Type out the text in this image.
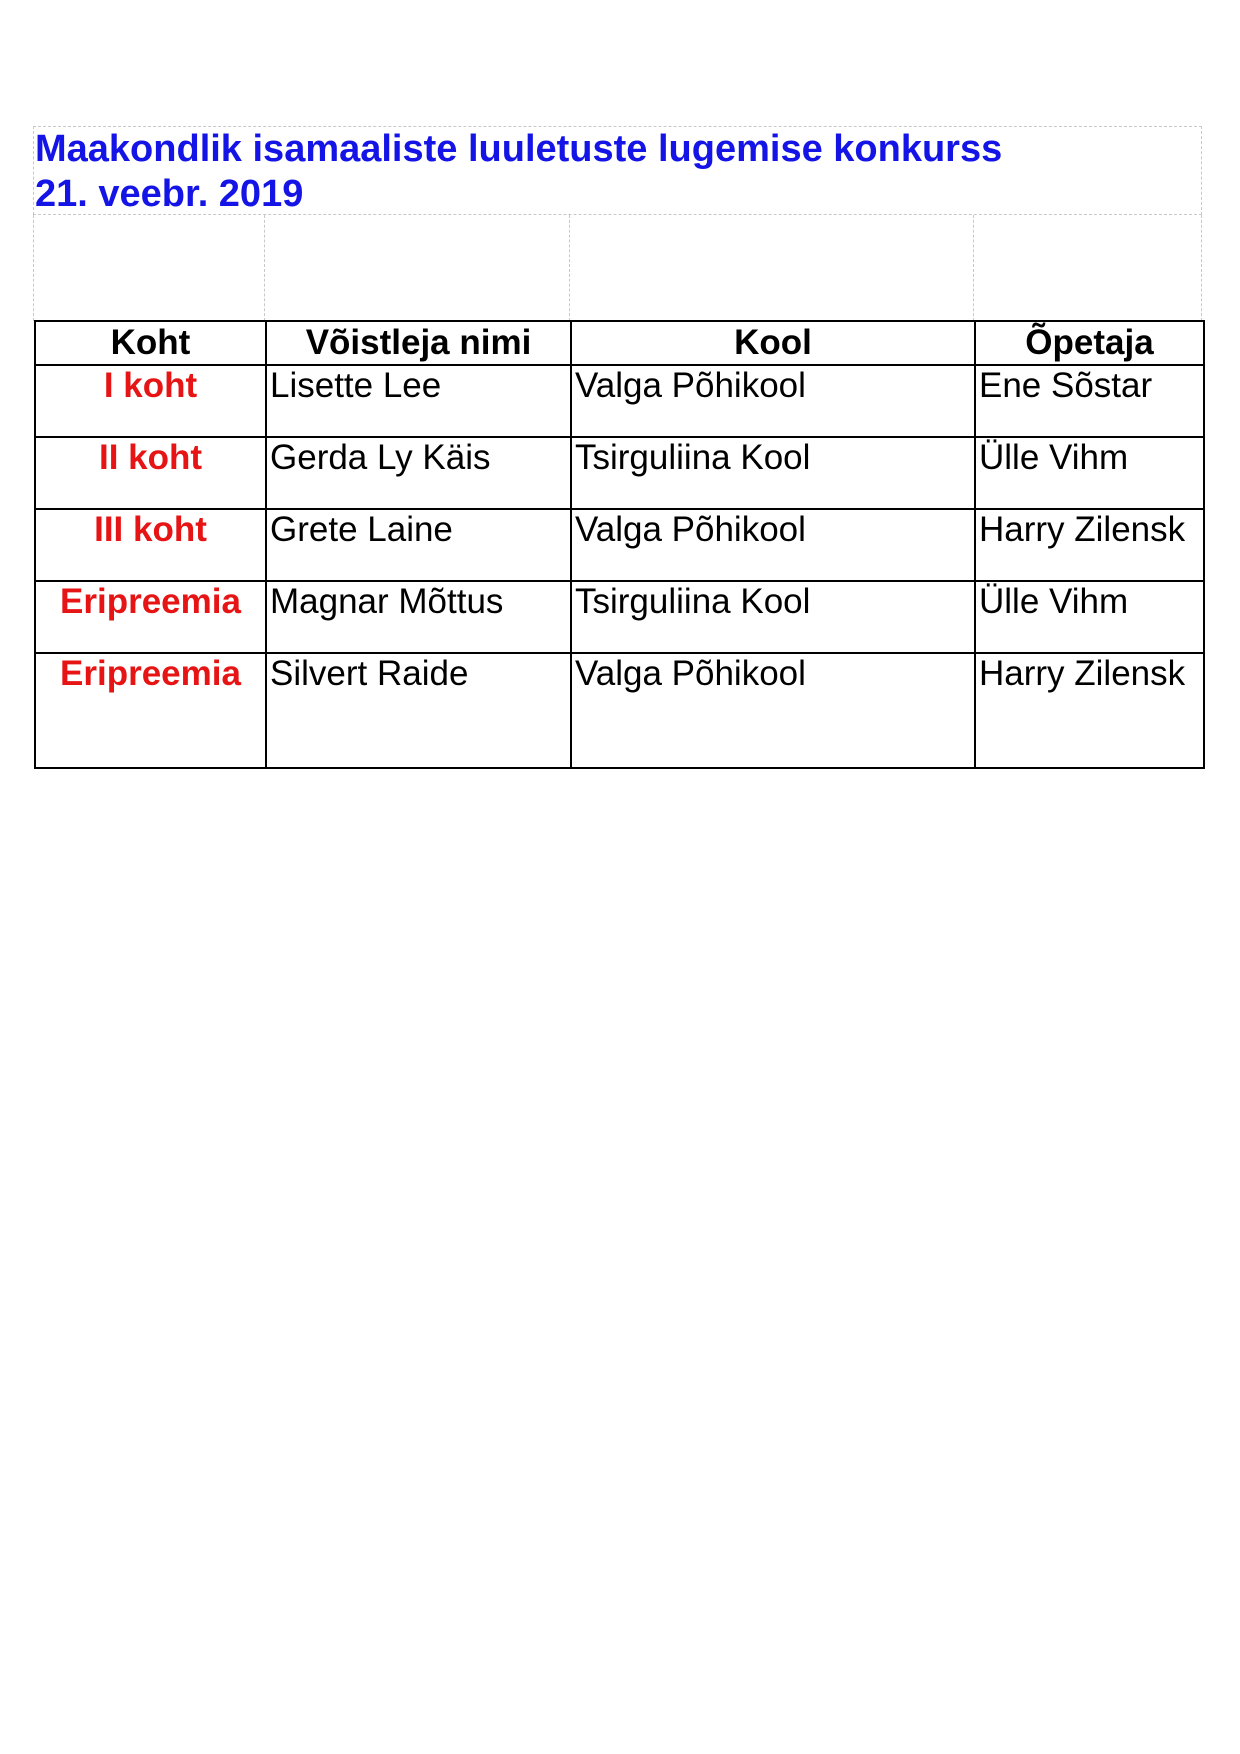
Maakondlik isamaaliste luuletuste lugemise konkurss
21. veebr. 2019
Koht	Võistleja nimi	Kool	Õpetaja
I koht	Lisette Lee	Valga Põhikool	Ene Sõstar
II koht	Gerda Ly Käis	Tsirguliina Kool	Ülle Vihm
III koht	Grete Laine	Valga Põhikool	Harry Zilensk
Eripreemia	Magnar Mõttus	Tsirguliina Kool	Ülle Vihm
Eripreemia	Silvert Raide	Valga Põhikool	Harry Zilensk
